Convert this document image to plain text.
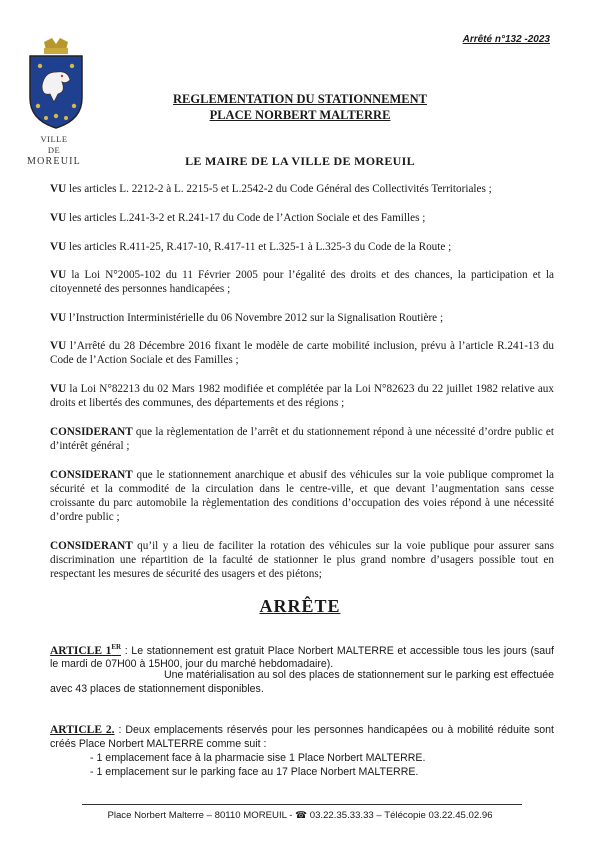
Arrêté n°132 -2023
VILLE
DE
MOREUIL
REGLEMENTATION DU STATIONNEMENT
PLACE NORBERT MALTERRE
LE MAIRE DE LA VILLE DE MOREUIL
VU les articles L. 2212-2 à L. 2215-5 et L.2542-2 du Code Général des Collectivités Territoriales ;
VU les articles L.241-3-2 et R.241-17 du Code de l’Action Sociale et des Familles ;
VU les articles R.411-25, R.417-10, R.417-11 et L.325-1 à L.325-3 du Code de la Route ;
VU la Loi N°2005-102 du 11 Février 2005 pour l’égalité des droits et des chances, la participation et la citoyenneté des personnes handicapées ;
VU l’Instruction Interministérielle du 06 Novembre 2012 sur la Signalisation Routière ;
VU l’Arrêté du 28 Décembre 2016 fixant le modèle de carte mobilité inclusion, prévu à l’article R.241-13 du Code de l’Action Sociale et des Familles ;
VU la Loi N°82213 du 02 Mars 1982 modifiée et complétée par la Loi N°82623 du 22 juillet 1982 relative aux droits et libertés des communes, des départements et des régions ;
CONSIDERANT que la règlementation de l’arrêt et du stationnement répond à une nécessité d’ordre public et d’intérêt général ;
CONSIDERANT que le stationnement anarchique et abusif des véhicules sur la voie publique compromet la sécurité et la commodité de la circulation dans le centre-ville, et que devant l’augmentation sans cesse croissante du parc automobile la règlementation des conditions d’occupation des voies répond à une nécessité d’ordre public ;
CONSIDERANT qu’il y a lieu de faciliter la rotation des véhicules sur la voie publique pour assurer sans discrimination une répartition de la faculté de stationner le plus grand nombre d’usagers possible tout en respectant les mesures de sécurité des usagers et des piétons;
ARRÊTE
ARTICLE 1ER : Le stationnement est gratuit Place Norbert MALTERRE et accessible tous les jours (sauf le mardi de 07H00 à 15H00, jour du marché hebdomadaire).
Une matérialisation au sol des places de stationnement sur le parking est effectuée avec 43 places de stationnement disponibles.
ARTICLE 2. : Deux emplacements réservés pour les personnes handicapées ou à mobilité réduite sont créés Place Norbert MALTERRE comme suit :
- 1 emplacement face à la pharmacie sise 1 Place Norbert MALTERRE.
- 1 emplacement sur le parking face au 17 Place Norbert MALTERRE.
Place Norbert Malterre – 80110 MOREUIL - ☎ 03.22.35.33.33 – Télécopie 03.22.45.02.96
